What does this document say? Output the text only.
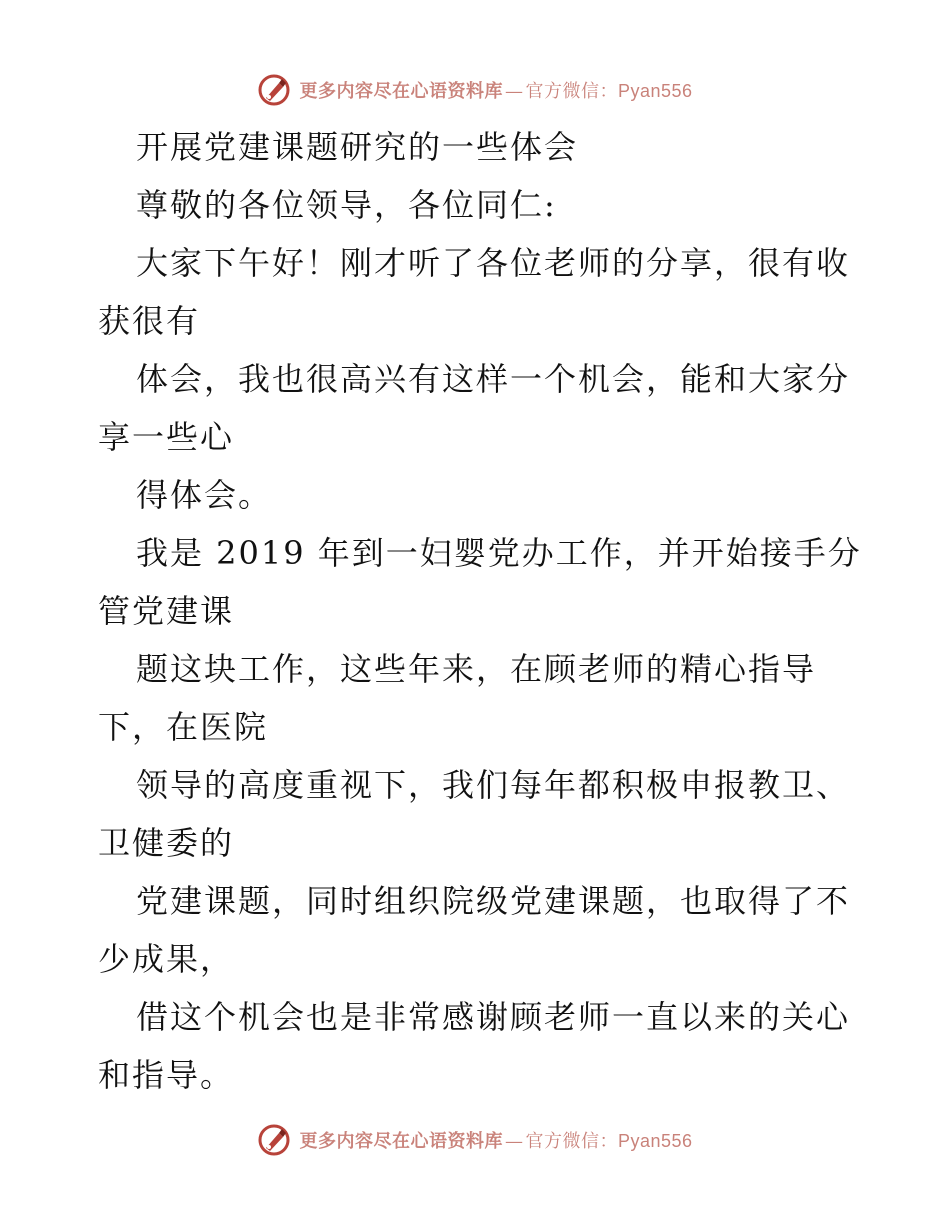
更多内容尽在心语资料库 — 官方微信：Pyan556
开展党建课题研究的一些体会
尊敬的各位领导，各位同仁:
大家下午好！刚才听了各位老师的分享，很有收
获很有
体会，我也很高兴有这样一个机会，能和大家分
享一些心
得体会。
我是 2019 年到一妇婴党办工作，并开始接手分
管党建课
题这块工作，这些年来，在顾老师的精心指导
下，在医院
领导的高度重视下，我们每年都积极申报教卫、
卫健委的
党建课题，同时组织院级党建课题，也取得了不
少成果，
借这个机会也是非常感谢顾老师一直以来的关心
和指导。
更多内容尽在心语资料库 — 官方微信：Pyan556
